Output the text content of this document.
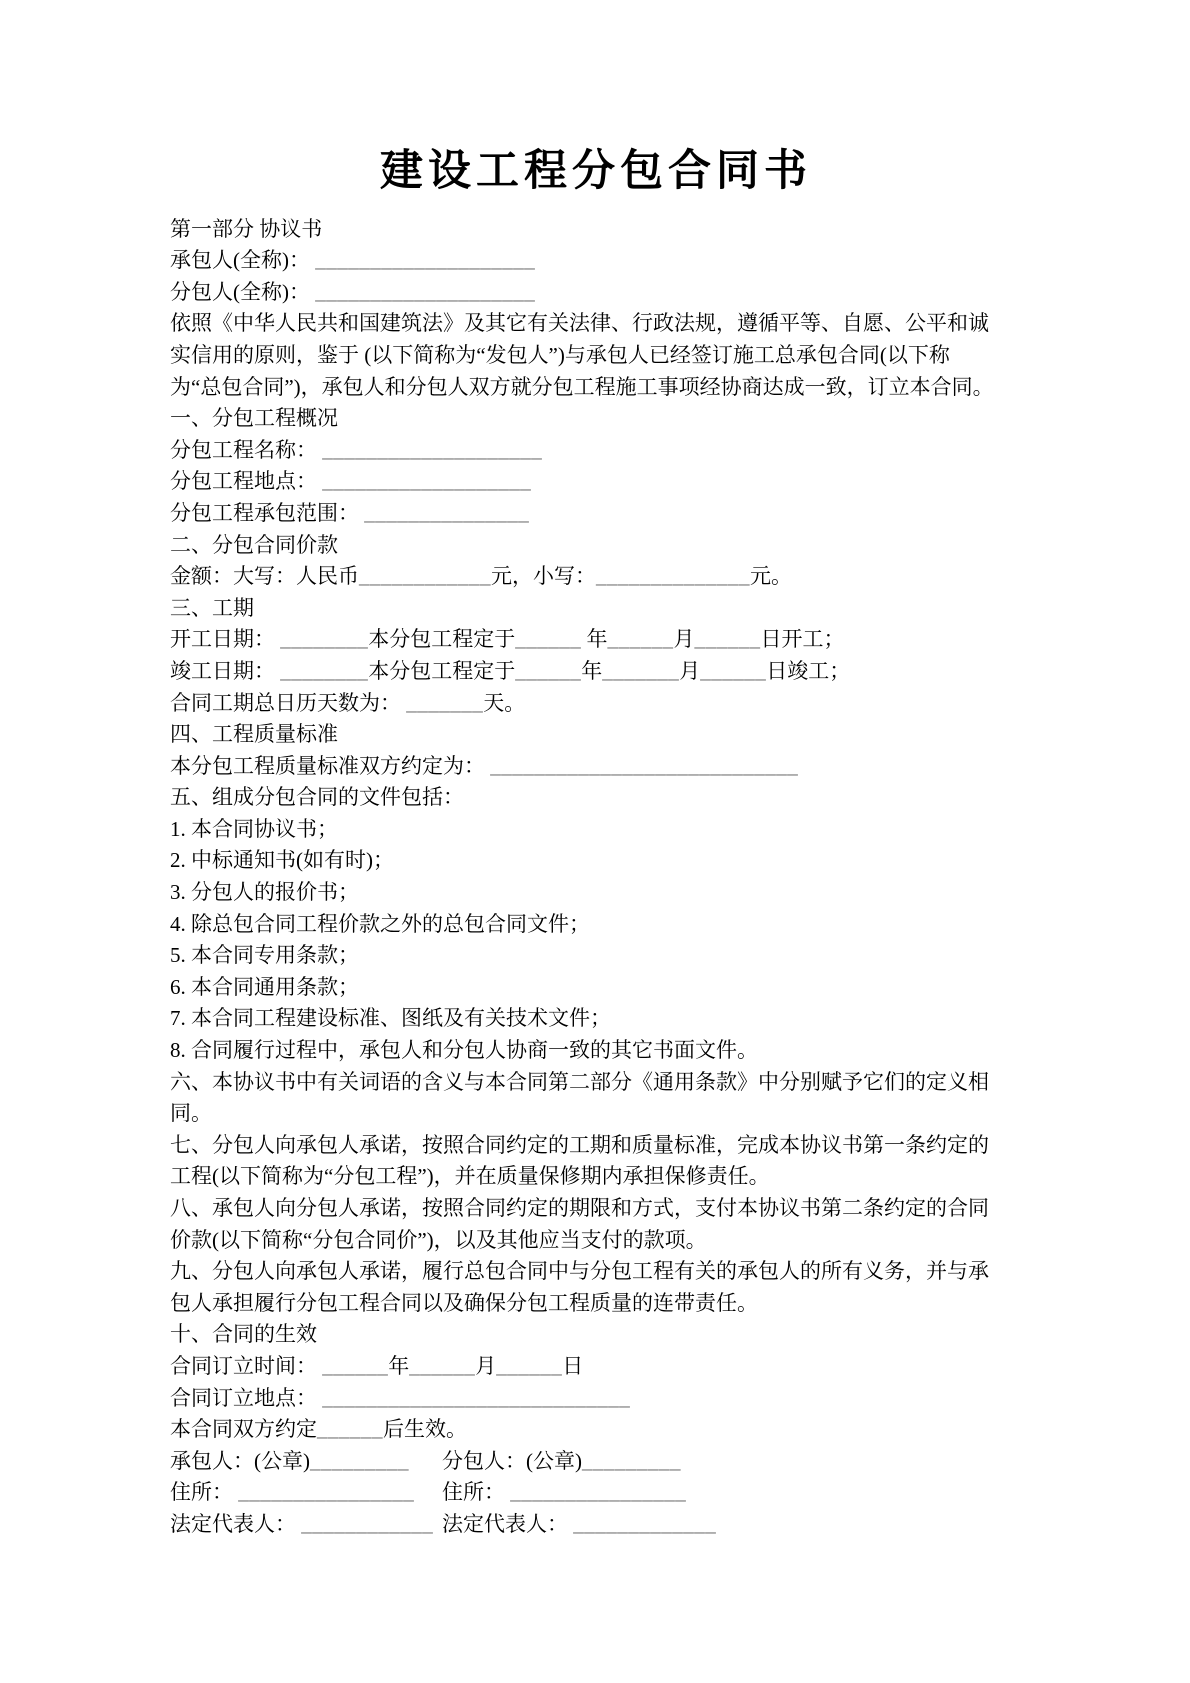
建设工程分包合同书
第一部分 协议书
承包人(全称)： ____________________
分包人(全称)： ____________________
依照《中华人民共和国建筑法》及其它有关法律、行政法规，遵循平等、自愿、公平和诚
实信用的原则，鉴于 (以下简称为“发包人”)与承包人已经签订施工总承包合同(以下称
为“总包合同”)，承包人和分包人双方就分包工程施工事项经协商达成一致，订立本合同。
一、分包工程概况
分包工程名称： ____________________
分包工程地点： ___________________
分包工程承包范围： _______________
二、分包合同价款
金额：大写：人民币____________元，小写：______________元。
三、工期
开工日期： ________本分包工程定于______ 年______月______日开工；
竣工日期： ________本分包工程定于______年_______月______日竣工；
合同工期总日历天数为： _______天。
四、工程质量标准
本分包工程质量标准双方约定为： ____________________________
五、组成分包合同的文件包括：
1. 本合同协议书；
2. 中标通知书(如有时)；
3. 分包人的报价书；
4. 除总包合同工程价款之外的总包合同文件；
5. 本合同专用条款；
6. 本合同通用条款；
7. 本合同工程建设标准、图纸及有关技术文件；
8. 合同履行过程中，承包人和分包人协商一致的其它书面文件。
六、本协议书中有关词语的含义与本合同第二部分《通用条款》中分别赋予它们的定义相
同。
七、分包人向承包人承诺，按照合同约定的工期和质量标准，完成本协议书第一条约定的
工程(以下简称为“分包工程”)，并在质量保修期内承担保修责任。
八、承包人向分包人承诺，按照合同约定的期限和方式，支付本协议书第二条约定的合同
价款(以下简称“分包合同价”)，以及其他应当支付的款项。
九、分包人向承包人承诺，履行总包合同中与分包工程有关的承包人的所有义务，并与承
包人承担履行分包工程合同以及确保分包工程质量的连带责任。
十、合同的生效
合同订立时间： ______年______月______日
合同订立地点： ____________________________
本合同双方约定______后生效。
承包人：(公章)_________ 分包人：(公章)_________
住所： ________________ 住所： ________________
法定代表人： ____________ 法定代表人： _____________
